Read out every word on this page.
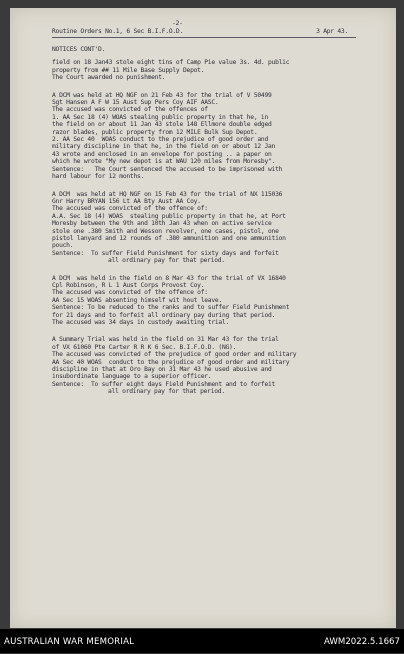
-2-
Routine Orders No.1, 6 Sec B.I.F.O.D.	3 Apr 43.
NOTICES CONT'D.
field on 18 Jan43 stole eight tins of Camp Pie value 3s. 4d. public
property from ## 11 Mile Base Supply Depot.
The Court awarded no punishment.
A DCM was held at HQ NGF on 21 Feb 43 for the trial of V 50499
Sgt Hansen A F W 15 Aust Sup Pers Coy AIF AASC.
The accused was convicted of the offences of
1. AA Sec 18 (4) WOAS stealing public property in that he, in
the field on or about 11 Jan 43 stole 148 Ellmore double edged
razor blades, public property from 12 MILE Bulk Sup Depot.
2. AA Sec 40  WOAS conduct to the prejudice of good order and
military discipline in that he, in the field on or about 12 Jan
43 wrote and enclosed in an envelope for posting .. a paper on
which he wrote "My new depot is at WAU 120 miles from Moresby".
Sentence:   The Court sentenced the accused to be imprisoned with
hard labour for 12 months.
A DCM  was held at HQ NGF on 15 Feb 43 for the trial of NX 115036
Gnr Harry BRYAN 156 Lt AA Bty Aust AA Coy.
The accused was convicted of the offence of:
A.A. Sec 18 (4) WOAS  stealing public property in that he, at Port
Moresby between the 9th and 10th Jan 43 when on active service
stole one .380 Smith and Wesson revolver, one cases, pistol, one
pistol lanyard and 12 rounds of .380 ammunition and one ammunition
pouch.
Sentence:  To suffer Field Punishment for sixty days and forfeit
all ordinary pay for that period.
A DCM  was held in the field on 8 Mar 43 for the trial of VX 16840
Cpl Robinson, R L 1 Aust Corps Provost Coy.
The accused was convicted of the offence of:
AA Sec 15 WOAS absenting himself wit hout leave.
Sentence: To be reduced to the ranks and to suffer Field Punishment
for 21 days and to forfeit all ordinary pay during that period.
The accused was 34 days in custody awaiting trial.
A Summary Trial was held in the field on 31 Mar 43 for the trial
of VX 61060 Pte Carter R R K 6 Sec. B.I.F.O.D. (NG).
The accused was convicted of the prejudice of good order and military
AA Sec 40 WOAS  conduct to the prejudice of good order and military
discipline in that at Oro Bay on 31 Mar 43 he used abusive and
insubordinate language to a superior officer.
Sentence:  To suffer eight days Field Punishment and to forfeit
all ordinary pay for that period.
AUSTRALIAN WAR MEMORIAL	AWM2022.5.1667
